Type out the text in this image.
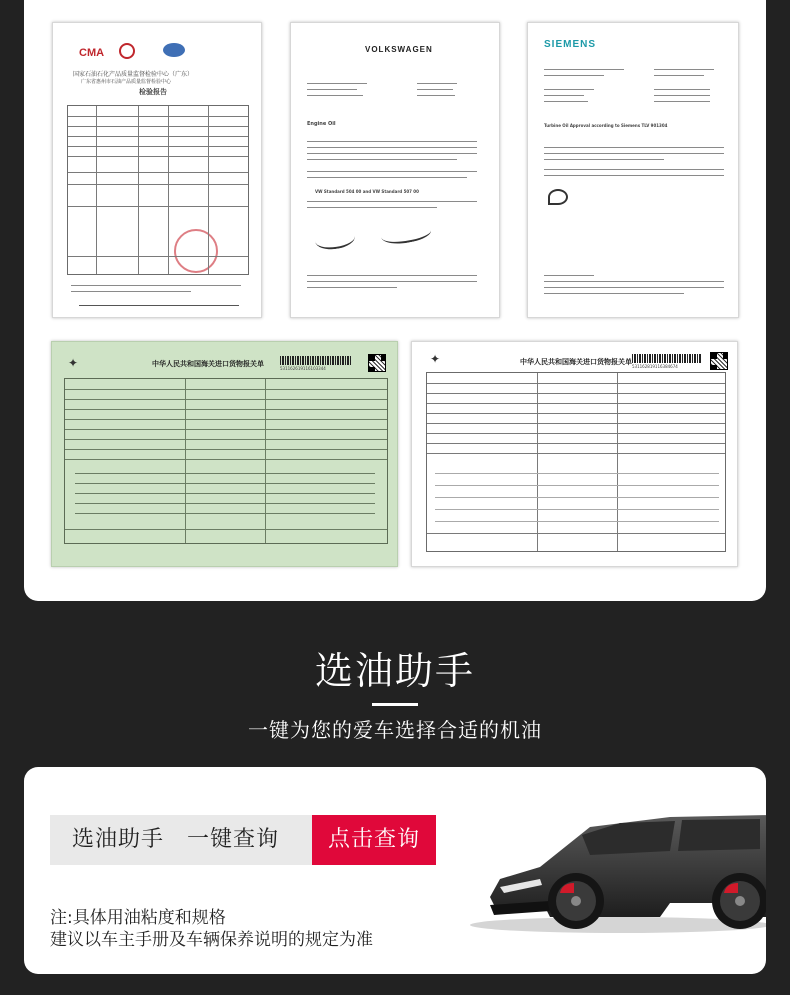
CMA
国家石油石化产品质量监督检验中心（广东）
广东省惠州市石油产品质量监督检验中心
检验报告
VOLKSWAGEN
Engine Oil
VW Standard 504 00 and VW Standard 507 00
SIEMENS
Turbine Oil Approval according to Siemens TLV 901304
✦	中华人民共和国海关进口货物报关单
531162619116103344
✦	中华人民共和国海关进口货物报关单
531162819116384674
选油助手
一键为您的爱车选择合适的机油
选油助手　一键查询	点击查询
注:具体用油粘度和规格
建议以车主手册及车辆保养说明的规定为准
